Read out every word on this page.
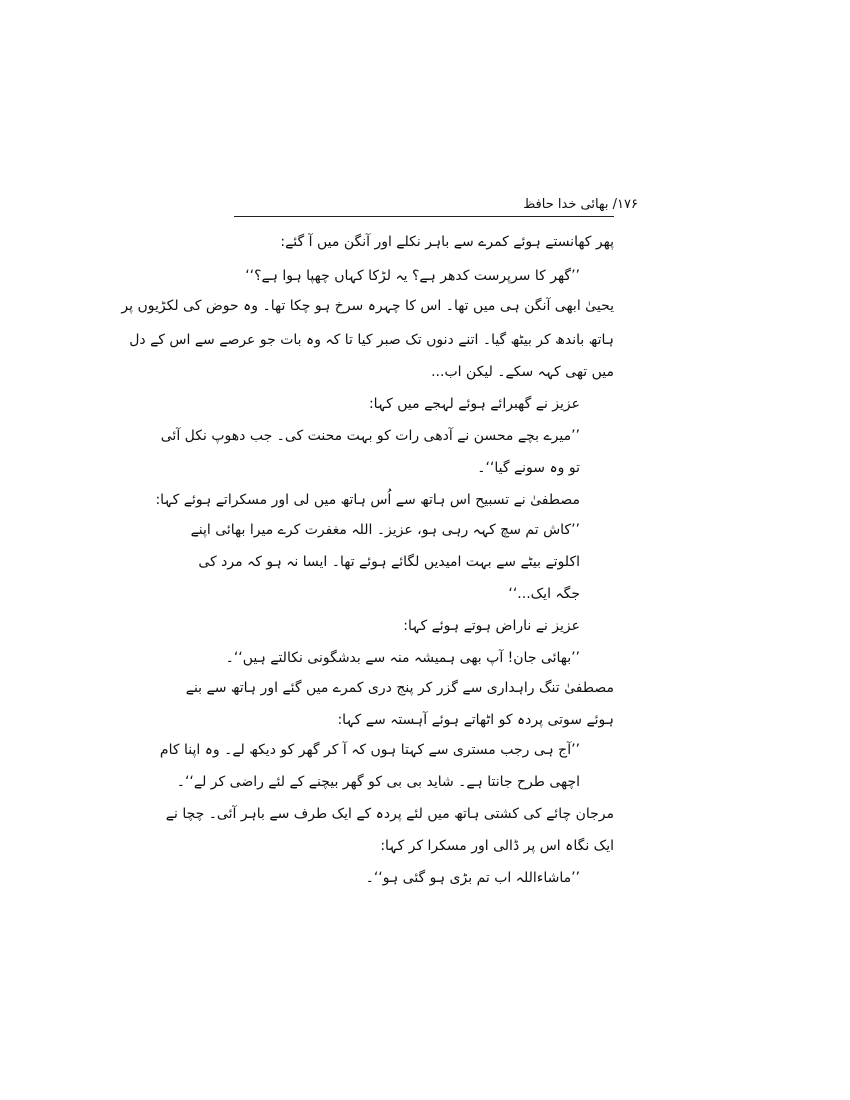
۱۷۶/ بھائی خدا حافظ
پھر کھانستے ہوئے کمرے سے باہر نکلے اور آنگن میں آ گئے:
’’گھر کا سرپرست کدھر ہے؟ یہ لڑکا کہاں چھپا ہوا ہے؟‘‘
یحییٰ ابھی آنگن ہی میں تھا۔ اس کا چہرہ سرخ ہو چکا تھا۔ وہ حوض کی لکڑیوں پر
ہاتھ باندھ کر بیٹھ گیا۔ اتنے دنوں تک صبر کیا تا کہ وہ بات جو عرصے سے اس کے دل
میں تھی کہہ سکے۔ لیکن اب...
عزیز نے گھبرائے ہوئے لہجے میں کہا:
’’میرے بچے محسن نے آدھی رات کو بہت محنت کی۔ جب دھوپ نکل آئی
تو وہ سونے گیا‘‘۔
مصطفیٰ نے تسبیح اس ہاتھ سے اُس ہاتھ میں لی اور مسکراتے ہوئے کہا:
’’کاش تم سچ کہہ رہی ہو، عزیز۔ اللہ مغفرت کرے میرا بھائی اپنے
اکلوتے بیٹے سے بہت امیدیں لگائے ہوئے تھا۔ ایسا نہ ہو کہ مرد کی
جگہ ایک...‘‘
عزیز نے ناراض ہوتے ہوئے کہا:
’’بھائی جان! آپ بھی ہمیشہ منہ سے بدشگونی نکالتے ہیں‘‘۔
مصطفیٰ تنگ راہداری سے گزر کر پنج دری کمرے میں گئے اور ہاتھ سے بنے
ہوئے سوتی پردہ کو اٹھاتے ہوئے آہستہ سے کہا:
’’آج ہی رجب مستری سے کہتا ہوں کہ آ کر گھر کو دیکھ لے۔ وہ اپنا کام
اچھی طرح جانتا ہے۔ شاید بی بی کو گھر بیچنے کے لئے راضی کر لے‘‘۔
مرجان چائے کی کشتی ہاتھ میں لئے پردہ کے ایک طرف سے باہر آئی۔ چچا نے
ایک نگاہ اس پر ڈالی اور مسکرا کر کہا:
’’ماشاءاللہ اب تم بڑی ہو گئی ہو‘‘۔
